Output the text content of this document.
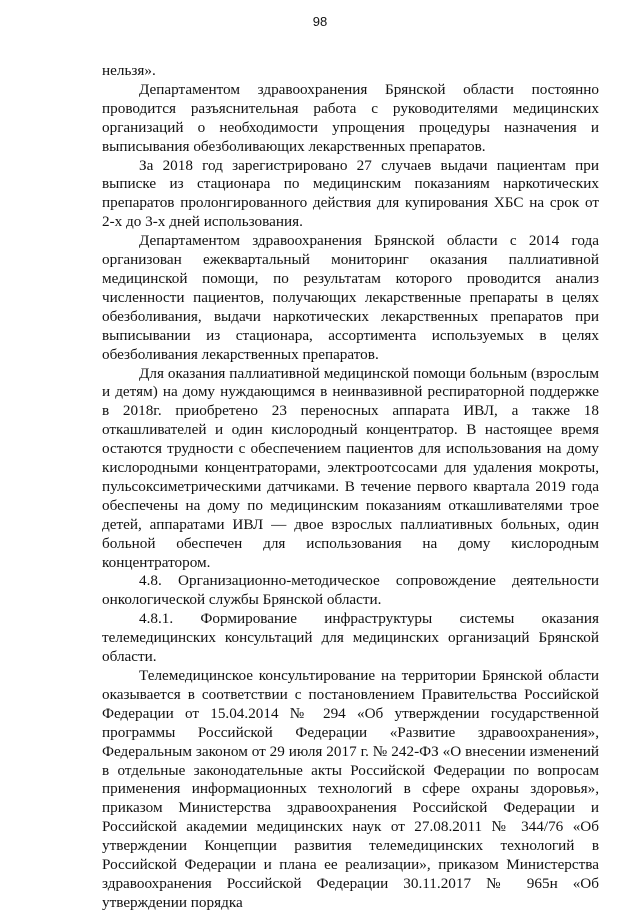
98

нельзя».

Департаментом здравоохранения Брянской области постоянно проводится разъяснительная работа с руководителями медицинских организаций о необходимости упрощения процедуры назначения и выписывания обезболивающих лекарственных препаратов.

За 2018 год зарегистрировано 27 случаев выдачи пациентам при выписке из стационара по медицинским показаниям наркотических препаратов пролонгированного действия для купирования ХБС на срок от 2-х до 3-х дней использования.

Департаментом здравоохранения Брянской области с 2014 года организован ежеквартальный мониторинг оказания паллиативной медицинской помощи, по результатам которого проводится анализ численности пациентов, получающих лекарственные препараты в целях обезболивания, выдачи наркотических лекарственных препаратов при выписывании из стационара, ассортимента используемых в целях обезболивания лекарственных препаратов.

Для оказания паллиативной медицинской помощи больным (взрослым и детям) на дому нуждающимся в неинвазивной респираторной поддержке в 2018г. приобретено 23 переносных аппарата ИВЛ, а также 18 откашливателей и один кислородный концентратор. В настоящее время остаются трудности с обеспечением пациентов для использования на дому кислородными концентраторами, электроотсосами для удаления мокроты, пульсоксиметрическими датчиками. В течение первого квартала 2019 года обеспечены на дому по медицинским показаниям откашливателями трое детей, аппаратами ИВЛ — двое взрослых паллиативных больных, один больной обеспечен для использования на дому кислородным концентратором.

4.8. Организационно-методическое сопровождение деятельности онкологической службы Брянской области.

4.8.1. Формирование инфраструктуры системы оказания телемедицинских консультаций для медицинских организаций Брянской области.

Телемедицинское консультирование на территории Брянской области оказывается в соответствии с постановлением Правительства Российской Федерации от 15.04.2014 № 294 «Об утверждении государственной программы Российской Федерации «Развитие здравоохранения», Федеральным законом от 29 июля 2017 г. № 242-ФЗ «О внесении изменений в отдельные законодательные акты Российской Федерации по вопросам применения информационных технологий в сфере охраны здоровья», приказом Министерства здравоохранения Российской Федерации и Российской академии медицинских наук от 27.08.2011 № 344/76 «Об утверждении Концепции развития телемедицинских технологий в Российской Федерации и плана ее реализации», приказом Министерства здравоохранения Российской Федерации 30.11.2017 № 965н «Об утверждении порядка
